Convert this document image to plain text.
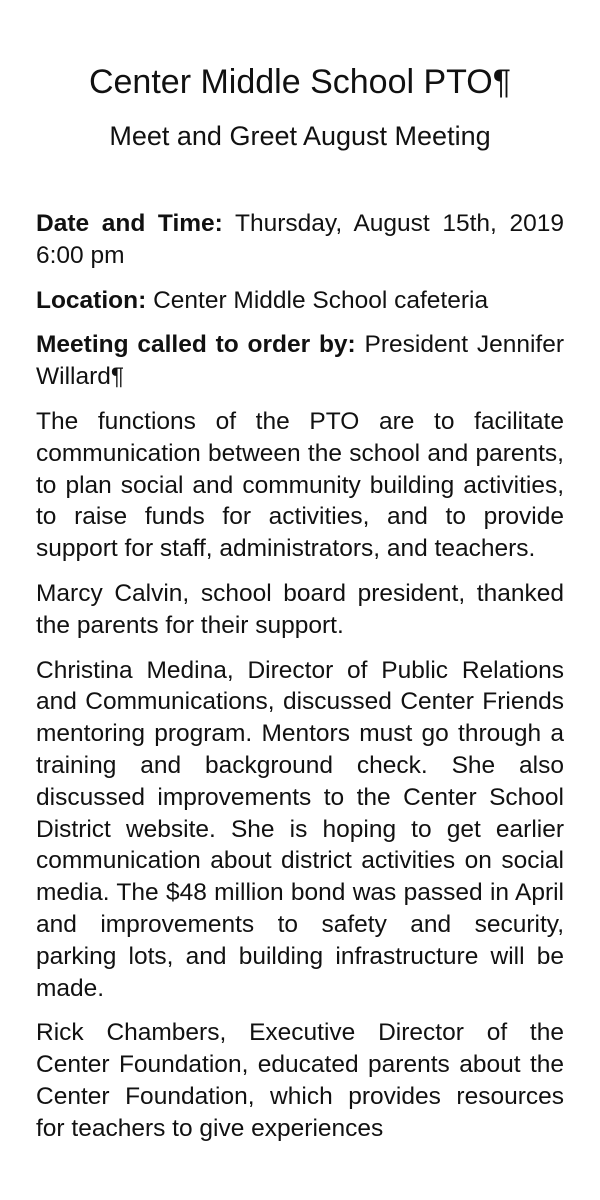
Center Middle School PTO¶
Meet and Greet August Meeting

Date and Time: Thursday, August 15th, 2019 6:00 pm

Location: Center Middle School cafeteria

Meeting called to order by: President Jennifer Willard¶

The functions of the PTO are to facilitate communication between the school and parents, to plan social and community building activities, to raise funds for activities, and to provide support for staff, administrators, and teachers.

Marcy Calvin, school board president, thanked the parents for their support.

Christina Medina, Director of Public Relations and Communications, discussed Center Friends mentoring program. Mentors must go through a training and background check. She also discussed improvements to the Center School District website. She is hoping to get earlier communication about district activities on social media. The $48 million bond was passed in April and improvements to safety and security, parking lots, and building infrastructure will be made.

Rick Chambers, Executive Director of the Center Foundation, educated parents about the Center Foundation, which provides resources for teachers to give experiences
